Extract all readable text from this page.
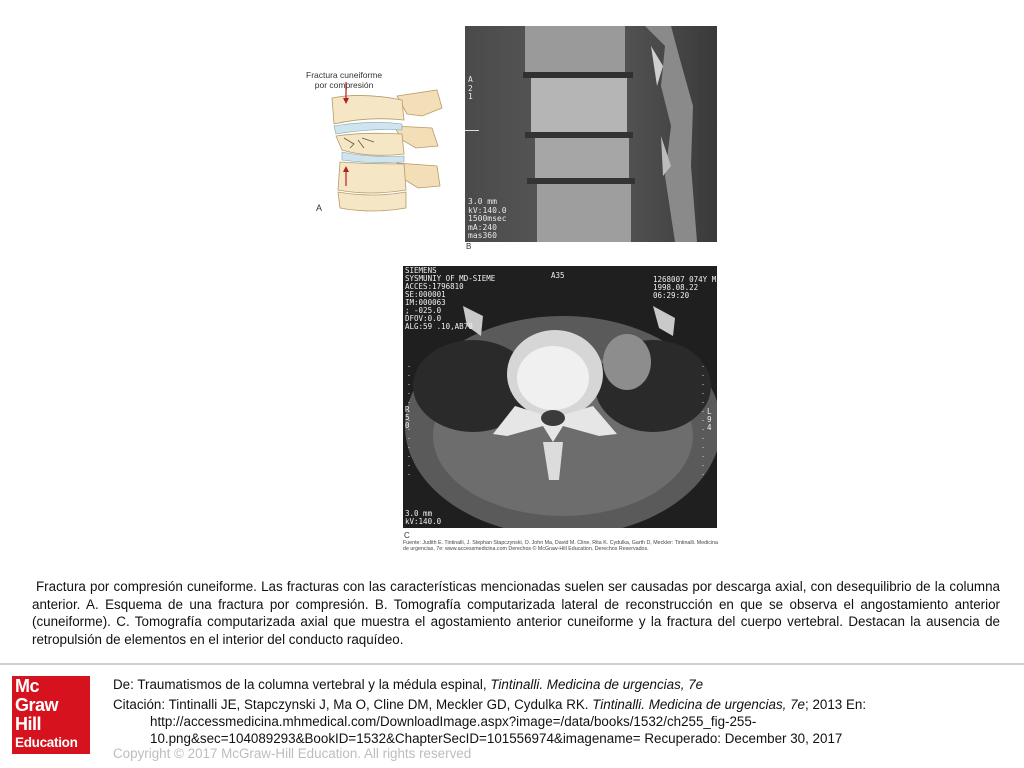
Fractura cuneiforme
por compresión
A
A
2
1
3.0 mm
kV:140.0
1500msec
mA:240
mas360
B
SIEMENS
SYSMUNIY OF MD-SIEME
ACCES:1796810
SE:000001
IM:000063
; -025.0
DFOV:0.0
ALG:59 .10,AB70
A35	1268007 074Y M
1998.08.22
06:29:20
R
5
0
L
9
4
3.0 mm
kV:140.0
C
Fuente: Judith E. Tintinalli, J. Stephan Stapczynski, O. John Ma, David M. Cline, Rita K. Cydulka, Garth D, Meckler: Tintinalli. Medicina de urgencias, 7e: www.accessmedicina.com Derechos © McGraw-Hill Education. Derechos Reservados.
Fractura por compresión cuneiforme. Las fracturas con las características mencionadas suelen ser causadas por descarga axial, con desequilibrio de la columna anterior. A. Esquema de una fractura por compresión. B. Tomografía computarizada lateral de reconstrucción en que se observa el angostamiento anterior (cuneiforme). C. Tomografía computarizada axial que muestra el agostamiento anterior cuneiforme y la fractura del cuerpo vertebral. Destacan la ausencia de retropulsión de elementos en el interior del conducto raquídeo.
Mc
Graw
Hill
Education
De: Traumatismos de la columna vertebral y la médula espinal, Tintinalli. Medicina de urgencias, 7e
Citación: Tintinalli JE, Stapczynski J, Ma O, Cline DM, Meckler GD, Cydulka RK. Tintinalli. Medicina de urgencias, 7e; 2013 En:
http://accessmedicina.mhmedical.com/DownloadImage.aspx?image=/data/books/1532/ch255_fig-255-
10.png&sec=104089293&BookID=1532&ChapterSecID=101556974&imagename= Recuperado: December 30, 2017
Copyright © 2017 McGraw-Hill Education. All rights reserved
